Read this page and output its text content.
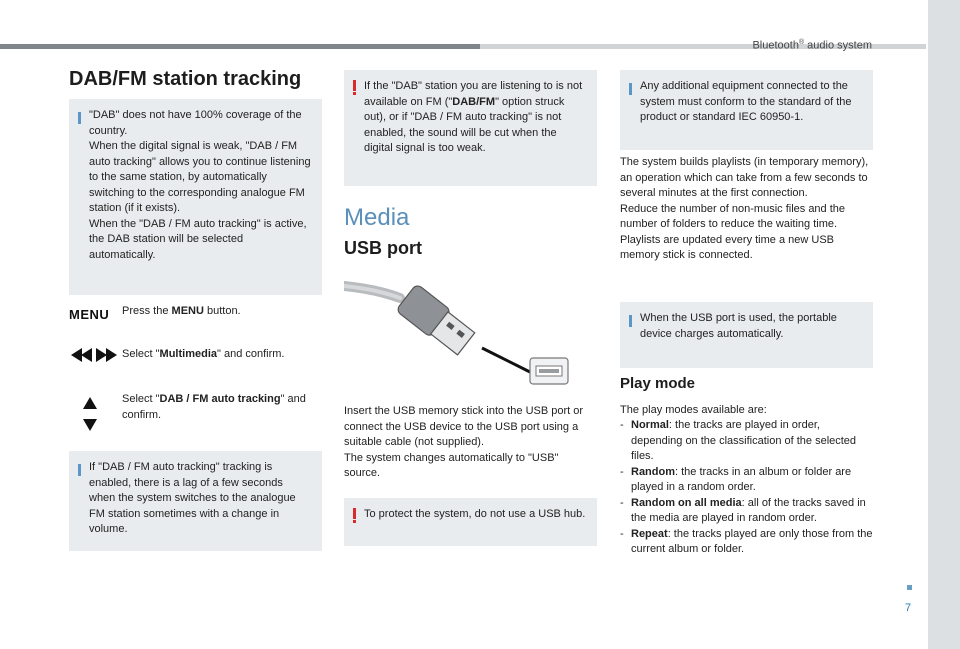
Bluetooth® audio system
7
DAB/FM station tracking
"DAB" does not have 100% coverage of the country.
When the digital signal is weak, "DAB / FM auto tracking" allows you to continue listening to the same station, by automatically switching to the corresponding analogue FM station (if it exists).
When the "DAB / FM auto tracking" is active, the DAB station will be selected automatically.
MENU Press the MENU button.
Select "Multimedia" and confirm.
Select "DAB / FM auto tracking" and confirm.
If "DAB / FM auto tracking" tracking is enabled, there is a lag of a few seconds when the system switches to the analogue FM station sometimes with a change in volume.
If the "DAB" station you are listening to is not available on FM ("DAB/FM" option struck out), or if "DAB / FM auto tracking" is not enabled, the sound will be cut when the digital signal is too weak.
Media
USB port
Insert the USB memory stick into the USB port or connect the USB device to the USB port using a suitable cable (not supplied).
The system changes automatically to "USB" source.
To protect the system, do not use a USB hub.
Any additional equipment connected to the system must conform to the standard of the product or standard IEC 60950-1.
The system builds playlists (in temporary memory), an operation which can take from a few seconds to several minutes at the first connection.
Reduce the number of non-music files and the number of folders to reduce the waiting time.
Playlists are updated every time a new USB memory stick is connected.
When the USB port is used, the portable device charges automatically.
Play mode
The play modes available are:
- Normal: the tracks are played in order, depending on the classification of the selected files.
- Random: the tracks in an album or folder are played in a random order.
- Random on all media: all of the tracks saved in the media are played in random order.
- Repeat: the tracks played are only those from the current album or folder.
